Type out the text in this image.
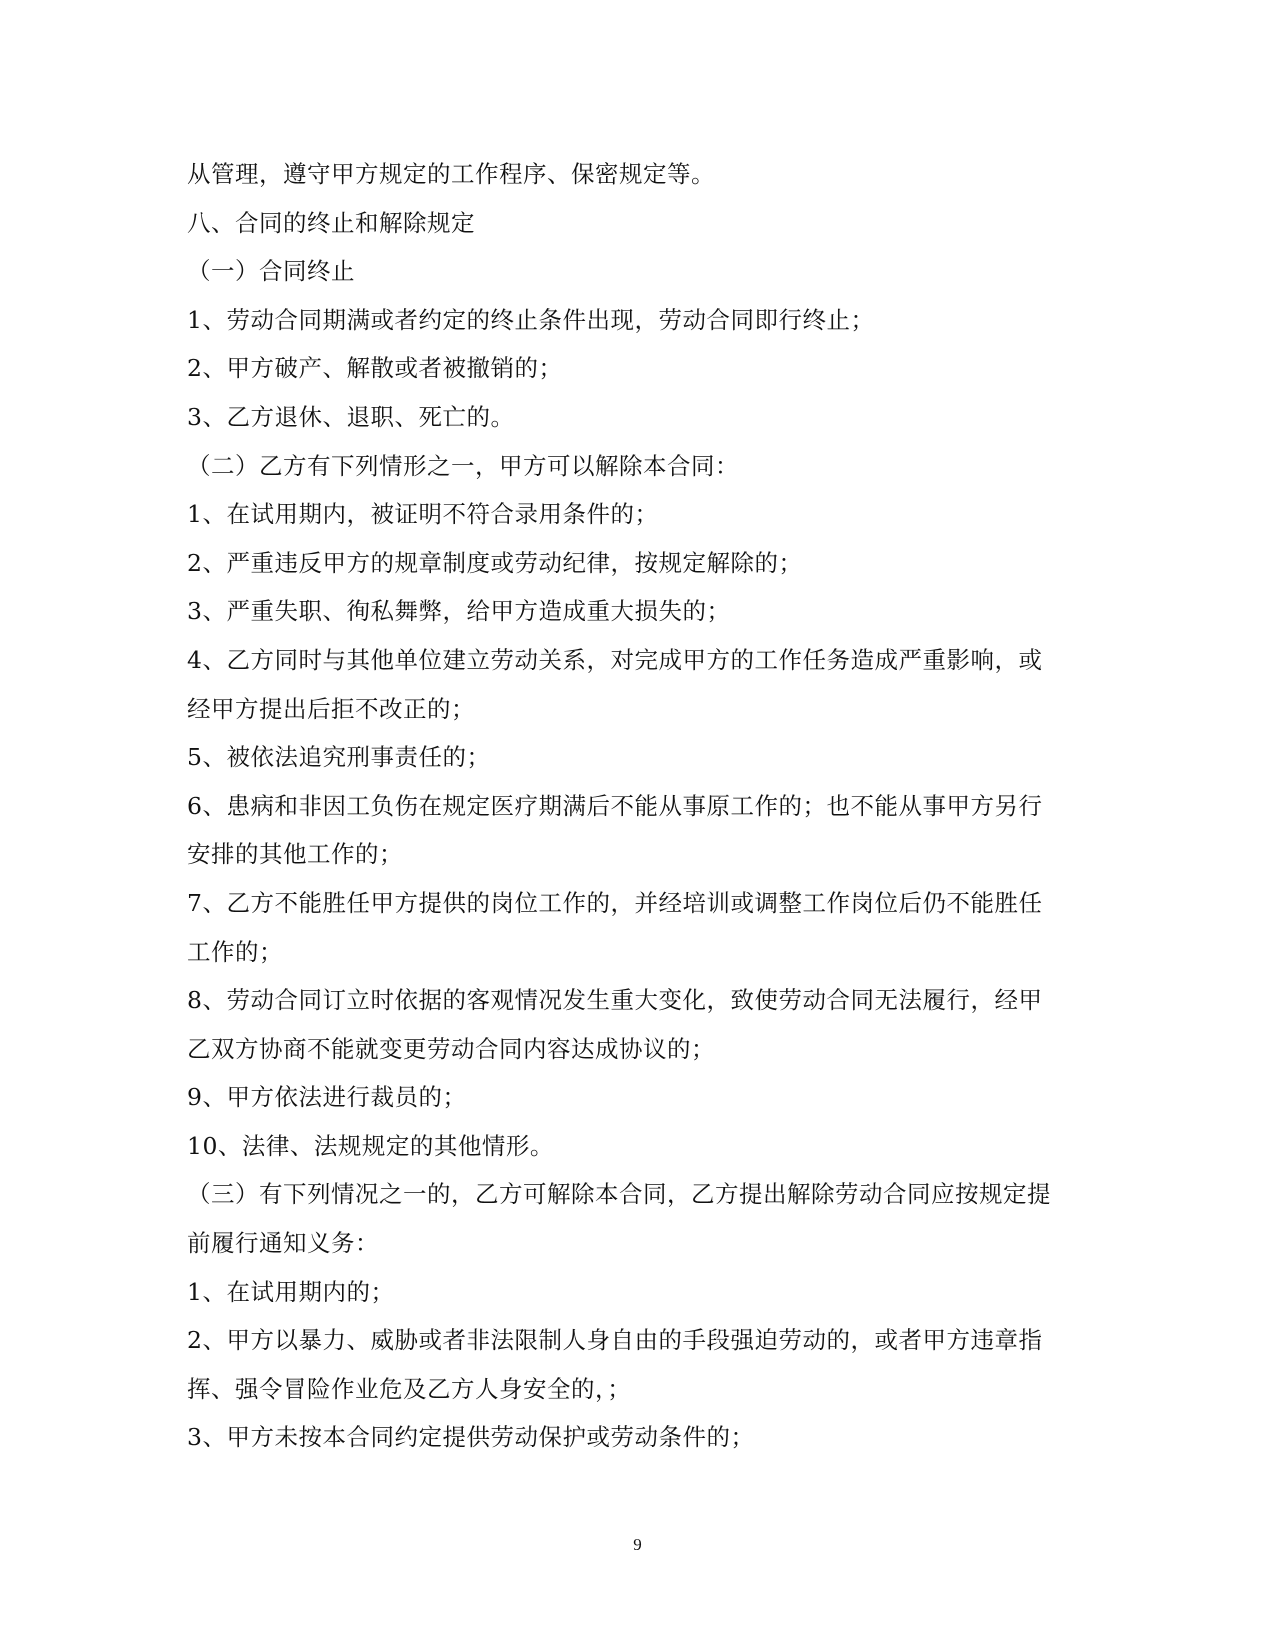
从管理，遵守甲方规定的工作程序、保密规定等。
八、合同的终止和解除规定
（一）合同终止
1、劳动合同期满或者约定的终止条件出现，劳动合同即行终止；
2、甲方破产、解散或者被撤销的；
3、乙方退休、退职、死亡的。
（二）乙方有下列情形之一，甲方可以解除本合同：
1、在试用期内，被证明不符合录用条件的；
2、严重违反甲方的规章制度或劳动纪律，按规定解除的；
3、严重失职、徇私舞弊，给甲方造成重大损失的；
4、乙方同时与其他单位建立劳动关系，对完成甲方的工作任务造成严重影响，或
经甲方提出后拒不改正的；
5、被依法追究刑事责任的；
6、患病和非因工负伤在规定医疗期满后不能从事原工作的；也不能从事甲方另行
安排的其他工作的；
7、乙方不能胜任甲方提供的岗位工作的，并经培训或调整工作岗位后仍不能胜任
工作的；
8、劳动合同订立时依据的客观情况发生重大变化，致使劳动合同无法履行，经甲
乙双方协商不能就变更劳动合同内容达成协议的；
9、甲方依法进行裁员的；
10、法律、法规规定的其他情形。
（三）有下列情况之一的，乙方可解除本合同，乙方提出解除劳动合同应按规定提
前履行通知义务：
1、在试用期内的；
2、甲方以暴力、威胁或者非法限制人身自由的手段强迫劳动的，或者甲方违章指
挥、强令冒险作业危及乙方人身安全的，；
3、甲方未按本合同约定提供劳动保护或劳动条件的；
9
